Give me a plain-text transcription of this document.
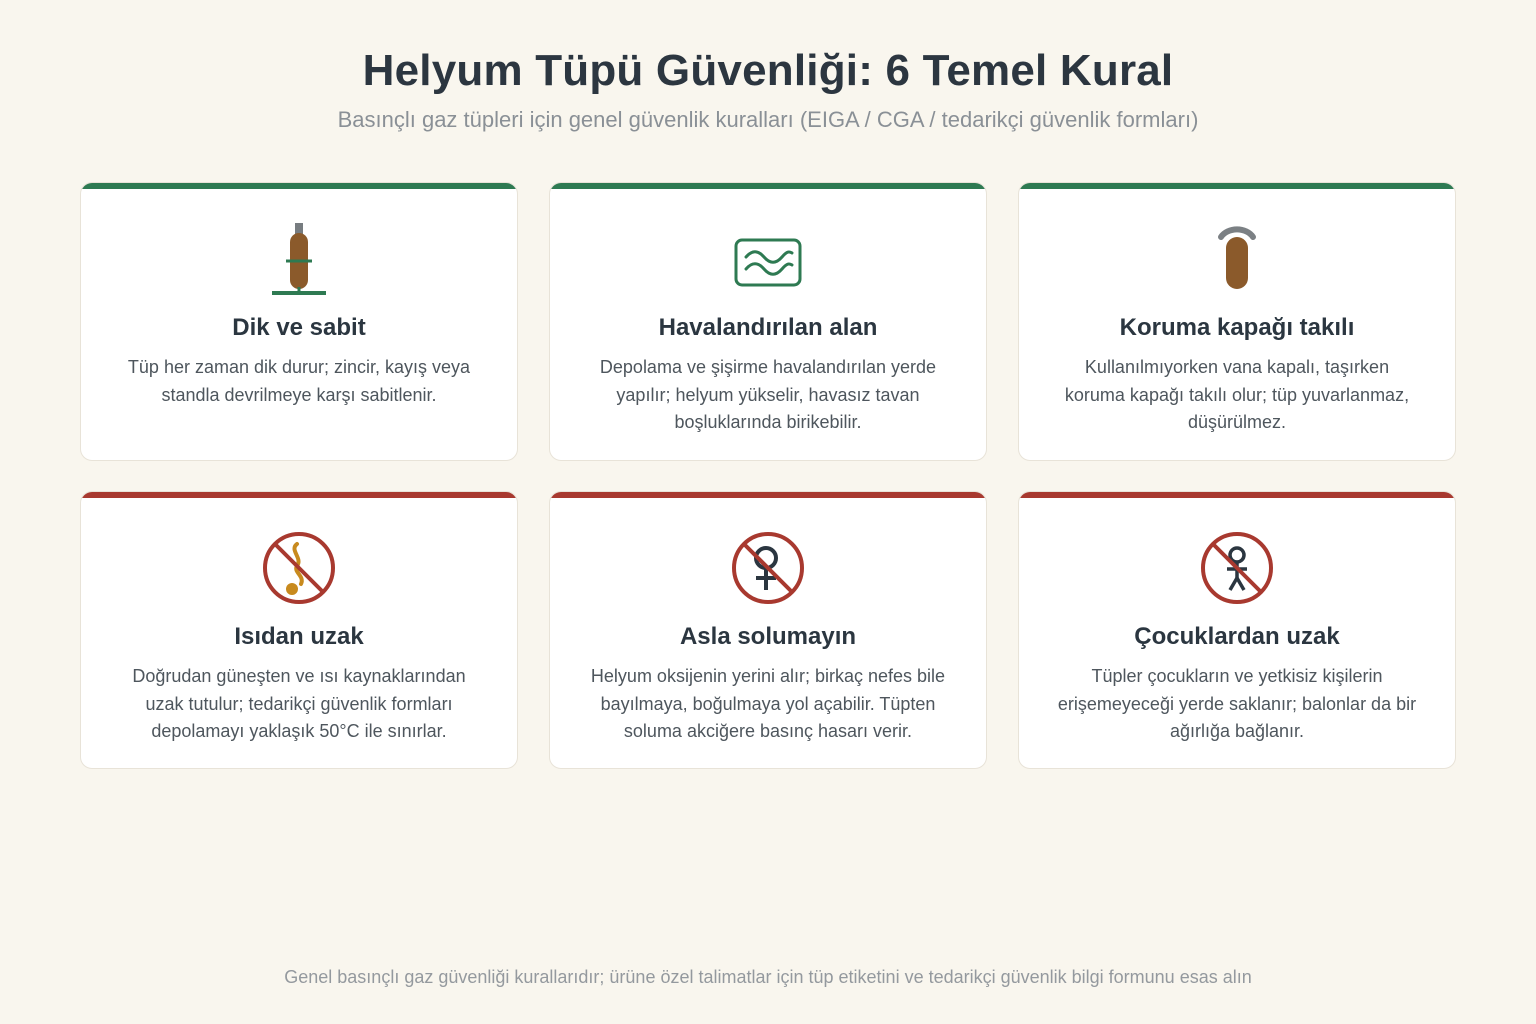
Helyum Tüpü Güvenliği: 6 Temel Kural
Basınçlı gaz tüpleri için genel güvenlik kuralları (EIGA / CGA / tedarikçi güvenlik formları)
Dik ve sabit
Tüp her zaman dik durur; zincir, kayış veya standla devrilmeye karşı sabitlenir.
Havalandırılan alan
Depolama ve şişirme havalandırılan yerde yapılır; helyum yükselir, havasız tavan boşluklarında birikebilir.
Koruma kapağı takılı
Kullanılmıyorken vana kapalı, taşırken koruma kapağı takılı olur; tüp yuvarlanmaz, düşürülmez.
Isıdan uzak
Doğrudan güneşten ve ısı kaynaklarından uzak tutulur; tedarikçi güvenlik formları depolamayı yaklaşık 50°C ile sınırlar.
Asla solumayın
Helyum oksijenin yerini alır; birkaç nefes bile bayılmaya, boğulmaya yol açabilir. Tüpten soluma akciğere basınç hasarı verir.
Çocuklardan uzak
Tüpler çocukların ve yetkisiz kişilerin erişemeyeceği yerde saklanır; balonlar da bir ağırlığa bağlanır.
Genel basınçlı gaz güvenliği kurallarıdır; ürüne özel talimatlar için tüp etiketini ve tedarikçi güvenlik bilgi formunu esas alın
